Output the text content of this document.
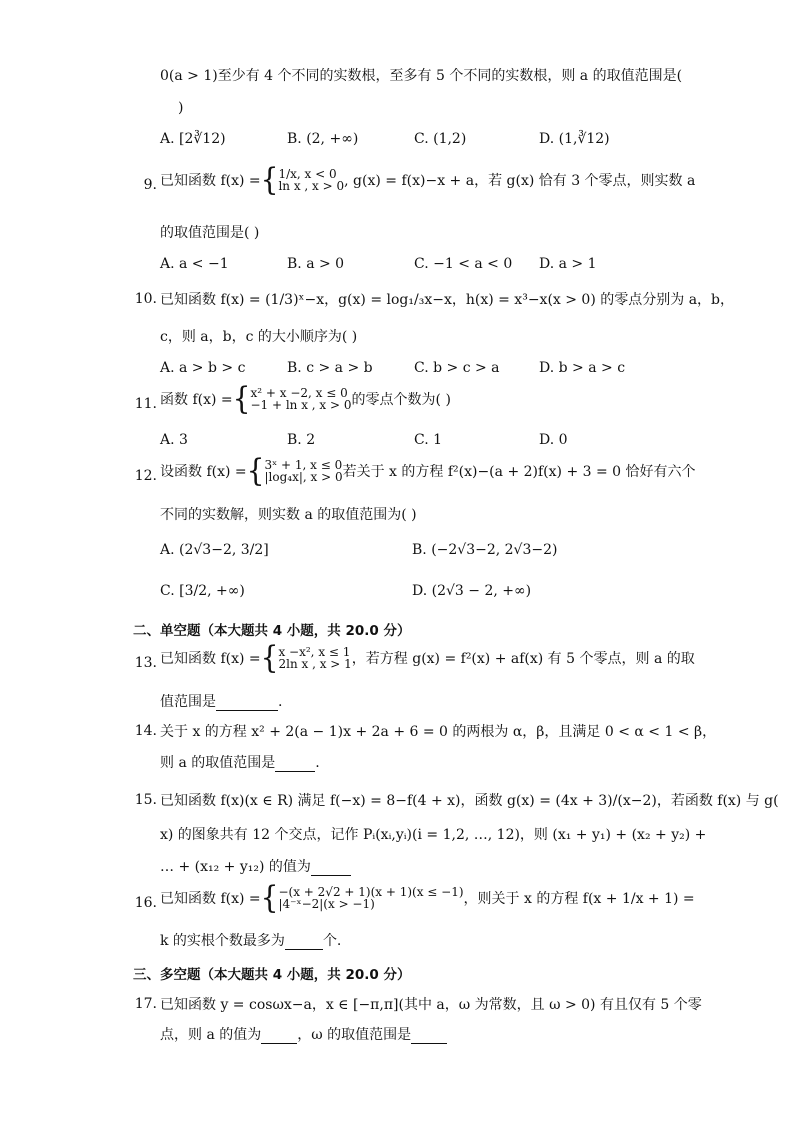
0(a > 1)至少有 4 个不同的实数根，至多有 5 个不同的实数根，则 a 的取值范围是(
)
A. [2∛12)	B. (2, +∞)	C. (1,2)	D. (1,∛12)
9. 已知函数 f(x) = { 1/x, x < 0
ln x , x > 0 , g(x) = f(x)−x + a，若 g(x) 恰有 3 个零点，则实数 a
的取值范围是( )
A. a < −1	B. a > 0	C. −1 < a < 0 D. a > 1
10. 已知函数 f(x) = (1/3)ˣ−x，g(x) = log₁/₃x−x，h(x) = x³−x(x > 0) 的零点分别为 a，b，
c，则 a，b，c 的大小顺序为( )
A. a > b > c	B. c > a > b	C. b > c > a	D. b > a > c
11. 函数 f(x) = { x² + x −2, x ≤ 0
−1 + ln x , x > 0 的零点个数为( )
A. 3	B. 2	C. 1	D. 0
12. 设函数 f(x) = { 3ˣ + 1, x ≤ 0
|log₄x|, x > 0 若关于 x 的方程 f²(x)−(a + 2)f(x) + 3 = 0 恰好有六个
不同的实数解，则实数 a 的取值范围为( )
A. (2√3−2, 3/2]	B. (−2√3−2, 2√3−2)
C. [3/2, +∞)	D. (2√3 − 2, +∞)
二、单空题（本大题共 4 小题，共 20.0 分）
13. 已知函数 f(x) = { x −x², x ≤ 1
2ln x , x > 1 ，若方程 g(x) = f²(x) + af(x) 有 5 个零点，则 a 的取
值范围是	.
14. 关于 x 的方程 x² + 2(a − 1)x + 2a + 6 = 0 的两根为 α，β，且满足 0 < α < 1 < β，
则 a 的取值范围是	.
15. 已知函数 f(x)(x ∈ R) 满足 f(−x) = 8−f(4 + x)，函数 g(x) = (4x + 3)/(x−2)，若函数 f(x) 与 g(
x) 的图象共有 12 个交点，记作 Pᵢ(xᵢ,yᵢ)(i = 1,2, …, 12)，则 (x₁ + y₁) + (x₂ + y₂) +
… + (x₁₂ + y₁₂) 的值为
16. 已知函数 f(x) = { −(x + 2√2 + 1)(x + 1)(x ≤ −1)
|4⁻ˣ−2|(x > −1)	，则关于 x 的方程 f(x + 1/x + 1) =
k 的实根个数最多为	个.
三、多空题（本大题共 4 小题，共 20.0 分）
17. 已知函数 y = cosωx−a，x ∈ [−π,π](其中 a，ω 为常数，且 ω > 0) 有且仅有 5 个零
点，则 a 的值为	，ω 的取值范围是
